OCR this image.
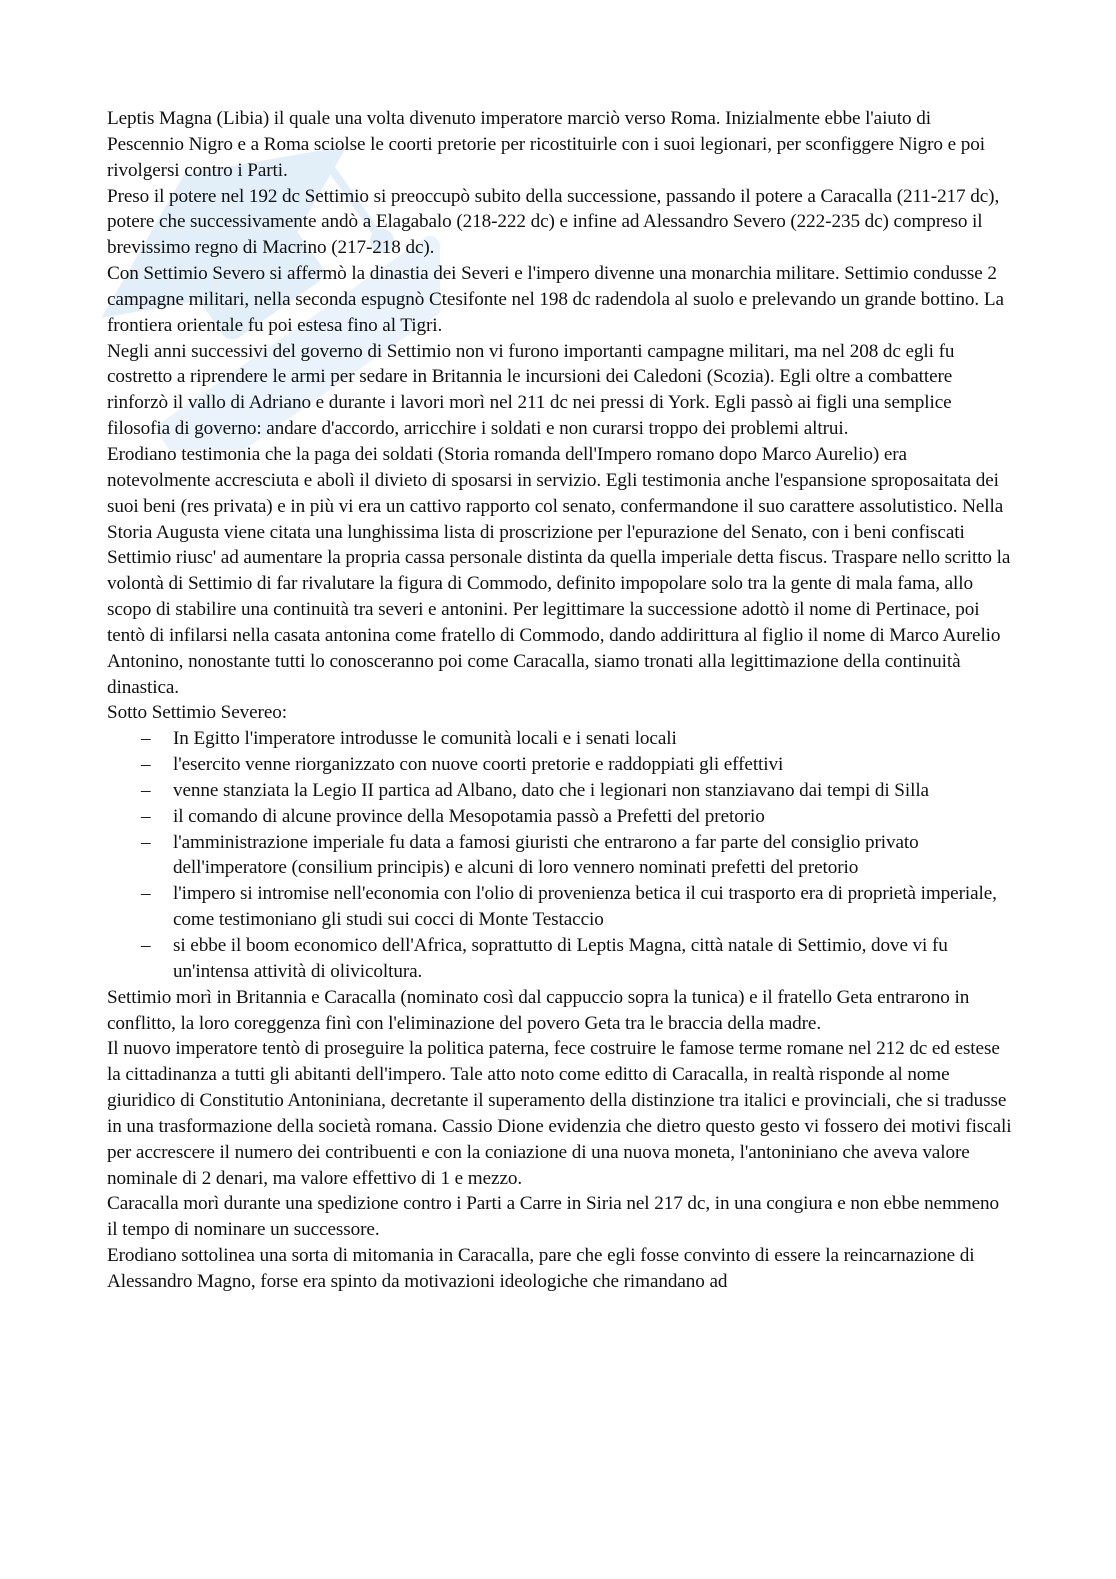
Leptis Magna (Libia) il quale una volta divenuto imperatore marciò verso Roma. Inizialmente ebbe l'aiuto di Pescennio Nigro e a Roma sciolse le coorti pretorie per ricostituirle con i suoi legionari, per sconfiggere Nigro e poi rivolgersi contro i Parti.

Preso il potere nel 192 dc Settimio si preoccupò subito della successione, passando il potere a Caracalla (211-217 dc), potere che successivamente andò a Elagabalo (218-222 dc) e infine ad Alessandro Severo (222-235 dc) compreso il brevissimo regno di Macrino (217-218 dc).

Con Settimio Severo si affermò la dinastia dei Severi e l'impero divenne una monarchia militare. Settimio condusse 2 campagne militari, nella seconda espugnò Ctesifonte nel 198 dc radendola al suolo e prelevando un grande bottino. La frontiera orientale fu poi estesa fino al Tigri.

Negli anni successivi del governo di Settimio non vi furono importanti campagne militari, ma nel 208 dc egli fu costretto a riprendere le armi per sedare in Britannia le incursioni dei Caledoni (Scozia). Egli oltre a combattere rinforzò il vallo di Adriano e durante i lavori morì nel 211 dc nei pressi di York. Egli passò ai figli una semplice filosofia di governo: andare d'accordo, arricchire i soldati e non curarsi troppo dei problemi altrui.

Erodiano testimonia che la paga dei soldati (Storia romanda dell'Impero romano dopo Marco Aurelio) era notevolmente accresciuta e abolì il divieto di sposarsi in servizio. Egli testimonia anche l'espansione sproposaitata dei suoi beni (res privata) e in più vi era un cattivo rapporto col senato, confermandone il suo carattere assolutistico. Nella Storia Augusta viene citata una lunghissima lista di proscrizione per l'epurazione del Senato, con i beni confiscati Settimio riusc' ad aumentare la propria cassa personale distinta da quella imperiale detta fiscus. Traspare nello scritto la volontà di Settimio di far rivalutare la figura di Commodo, definito impopolare solo tra la gente di mala fama, allo scopo di stabilire una continuità tra severi e antonini. Per legittimare la successione adottò il nome di Pertinace, poi tentò di infilarsi nella casata antonina come fratello di Commodo, dando addirittura al figlio il nome di Marco Aurelio Antonino, nonostante tutti lo conosceranno poi come Caracalla, siamo tronati alla legittimazione della continuità dinastica.

Sotto Settimio Severeo:

– In Egitto l'imperatore introdusse le comunità locali e i senati locali
– l'esercito venne riorganizzato con nuove coorti pretorie e raddoppiati gli effettivi
– venne stanziata la Legio II partica ad Albano, dato che i legionari non stanziavano dai tempi di Silla
– il comando di alcune province della Mesopotamia passò a Prefetti del pretorio
– l'amministrazione imperiale fu data a famosi giuristi che entrarono a far parte del consiglio privato dell'imperatore (consilium principis) e alcuni di loro vennero nominati prefetti del pretorio
– l'impero si intromise nell'economia con l'olio di provenienza betica il cui trasporto era di proprietà imperiale, come testimoniano gli studi sui cocci di Monte Testaccio
– si ebbe il boom economico dell'Africa, soprattutto di Leptis Magna, città natale di Settimio, dove vi fu un'intensa attività di olivicoltura.

Settimio morì in Britannia e Caracalla (nominato così dal cappuccio sopra la tunica) e il fratello Geta entrarono in conflitto, la loro coreggenza finì con l'eliminazione del povero Geta tra le braccia della madre.

Il nuovo imperatore tentò di proseguire la politica paterna, fece costruire le famose terme romane nel 212 dc ed estese la cittadinanza a tutti gli abitanti dell'impero. Tale atto noto come editto di Caracalla, in realtà risponde al nome giuridico di Constitutio Antoniniana, decretante il superamento della distinzione tra italici e provinciali, che si tradusse in una trasformazione della società romana. Cassio Dione evidenzia che dietro questo gesto vi fossero dei motivi fiscali per accrescere il numero dei contribuenti e con la coniazione di una nuova moneta, l'antoniniano che aveva valore nominale di 2 denari, ma valore effettivo di 1 e mezzo.

Caracalla morì durante una spedizione contro i Parti a Carre in Siria nel 217 dc, in una congiura e non ebbe nemmeno il tempo di nominare un successore.

Erodiano sottolinea una sorta di mitomania in Caracalla, pare che egli fosse convinto di essere la reincarnazione di Alessandro Magno, forse era spinto da motivazioni ideologiche che rimandano ad
